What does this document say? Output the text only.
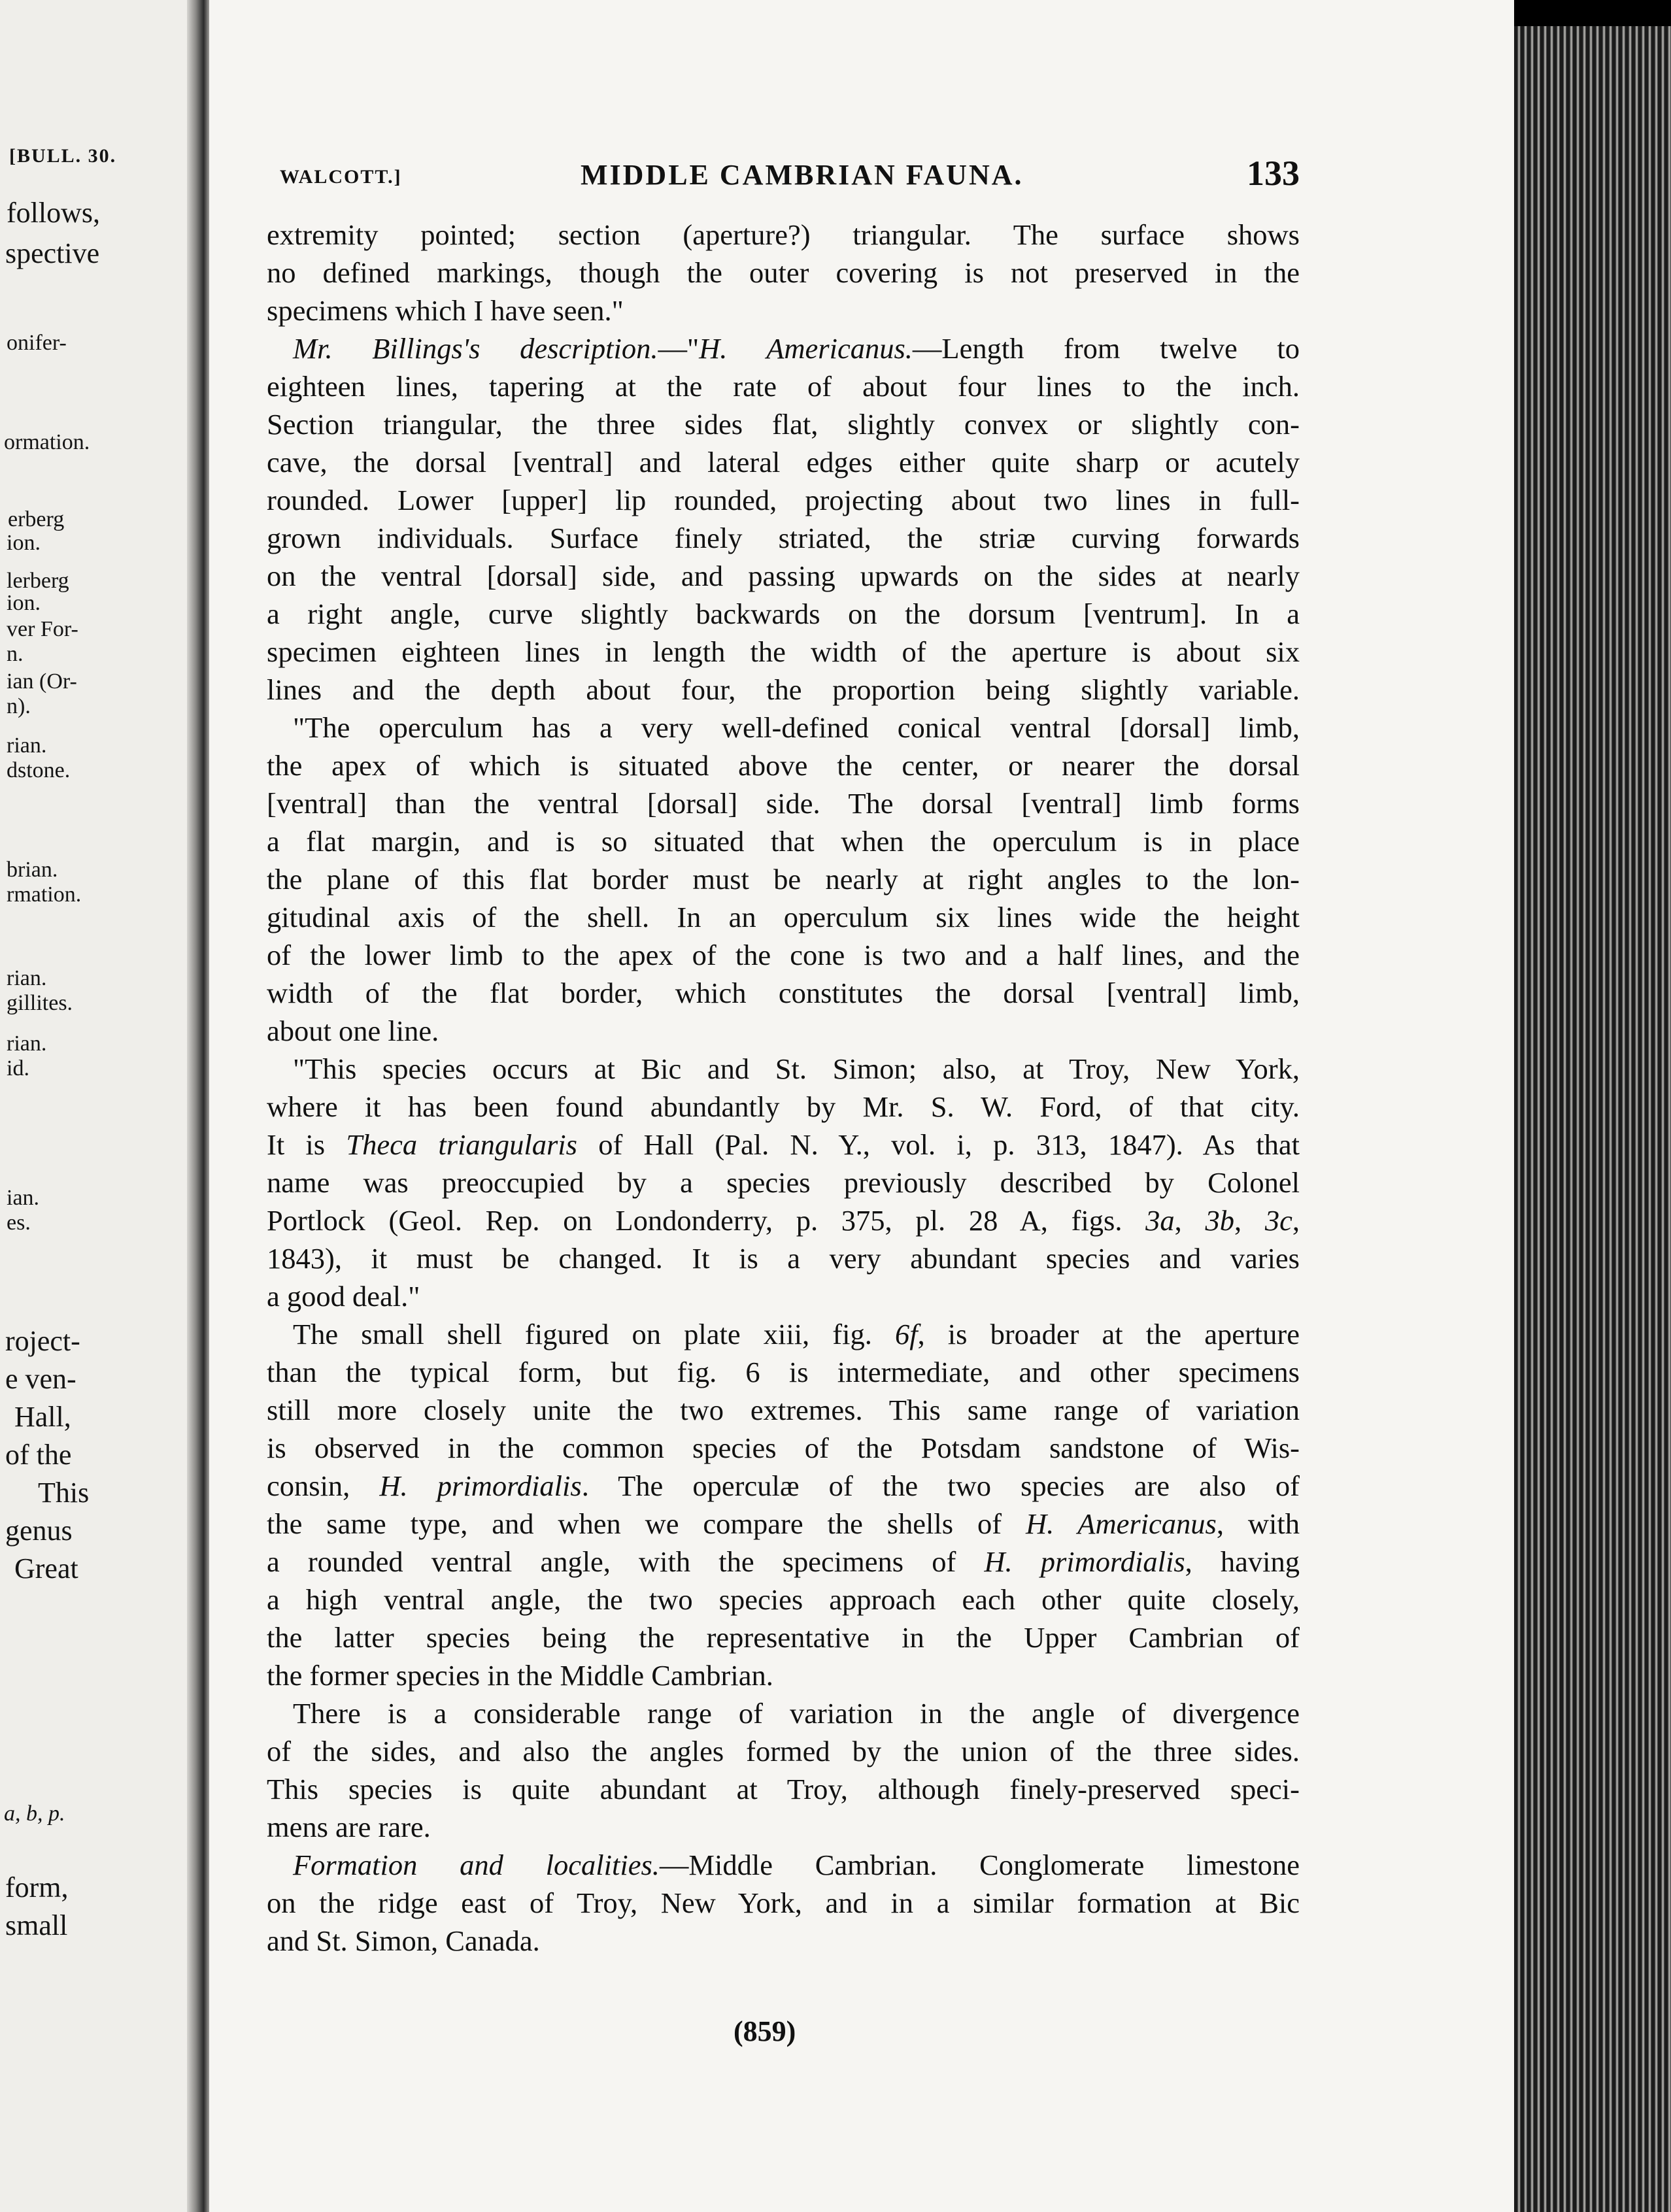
[BULL. 30.

follows,

spective

onifer-

ormation.

erberg

ion.

lerberg

ion.

ver For-

n.

ian (Or-

n).

rian.

dstone.

brian.

rmation.

rian.

gillites.

rian.

id.

ian.

es.

roject-

e ven-

Hall,

of the

This

genus

Great

a, b, p.

form,

small

WALCOTT.]	MIDDLE CAMBRIAN FAUNA.	133
extremity pointed; section (aperture?) triangular. The surface shows
no defined markings, though the outer covering is not preserved in the
specimens which I have seen."
Mr. Billings's description.—"H. Americanus.—Length from twelve to
eighteen lines, tapering at the rate of about four lines to the inch.
Section triangular, the three sides flat, slightly convex or slightly con-
cave, the dorsal [ventral] and lateral edges either quite sharp or acutely
rounded. Lower [upper] lip rounded, projecting about two lines in full-
grown individuals. Surface finely striated, the striæ curving forwards
on the ventral [dorsal] side, and passing upwards on the sides at nearly
a right angle, curve slightly backwards on the dorsum [ventrum]. In a
specimen eighteen lines in length the width of the aperture is about six
lines and the depth about four, the proportion being slightly variable.
"The operculum has a very well-defined conical ventral [dorsal] limb,
the apex of which is situated above the center, or nearer the dorsal
[ventral] than the ventral [dorsal] side. The dorsal [ventral] limb forms
a flat margin, and is so situated that when the operculum is in place
the plane of this flat border must be nearly at right angles to the lon-
gitudinal axis of the shell. In an operculum six lines wide the height
of the lower limb to the apex of the cone is two and a half lines, and the
width of the flat border, which constitutes the dorsal [ventral] limb,
about one line.
"This species occurs at Bic and St. Simon; also, at Troy, New York,
where it has been found abundantly by Mr. S. W. Ford, of that city.
It is Theca triangularis of Hall (Pal. N. Y., vol. i, p. 313, 1847). As that
name was preoccupied by a species previously described by Colonel
Portlock (Geol. Rep. on Londonderry, p. 375, pl. 28 A, figs. 3a, 3b, 3c,
1843), it must be changed. It is a very abundant species and varies
a good deal."
The small shell figured on plate xiii, fig. 6f, is broader at the aperture
than the typical form, but fig. 6 is intermediate, and other specimens
still more closely unite the two extremes. This same range of variation
is observed in the common species of the Potsdam sandstone of Wis-
consin, H. primordialis. The operculæ of the two species are also of
the same type, and when we compare the shells of H. Americanus, with
a rounded ventral angle, with the specimens of H. primordialis, having
a high ventral angle, the two species approach each other quite closely,
the latter species being the representative in the Upper Cambrian of
the former species in the Middle Cambrian.
There is a considerable range of variation in the angle of divergence
of the sides, and also the angles formed by the union of the three sides.
This species is quite abundant at Troy, although finely-preserved speci-
mens are rare.
Formation and localities.—Middle Cambrian. Conglomerate limestone
on the ridge east of Troy, New York, and in a similar formation at Bic
and St. Simon, Canada.
(859)
